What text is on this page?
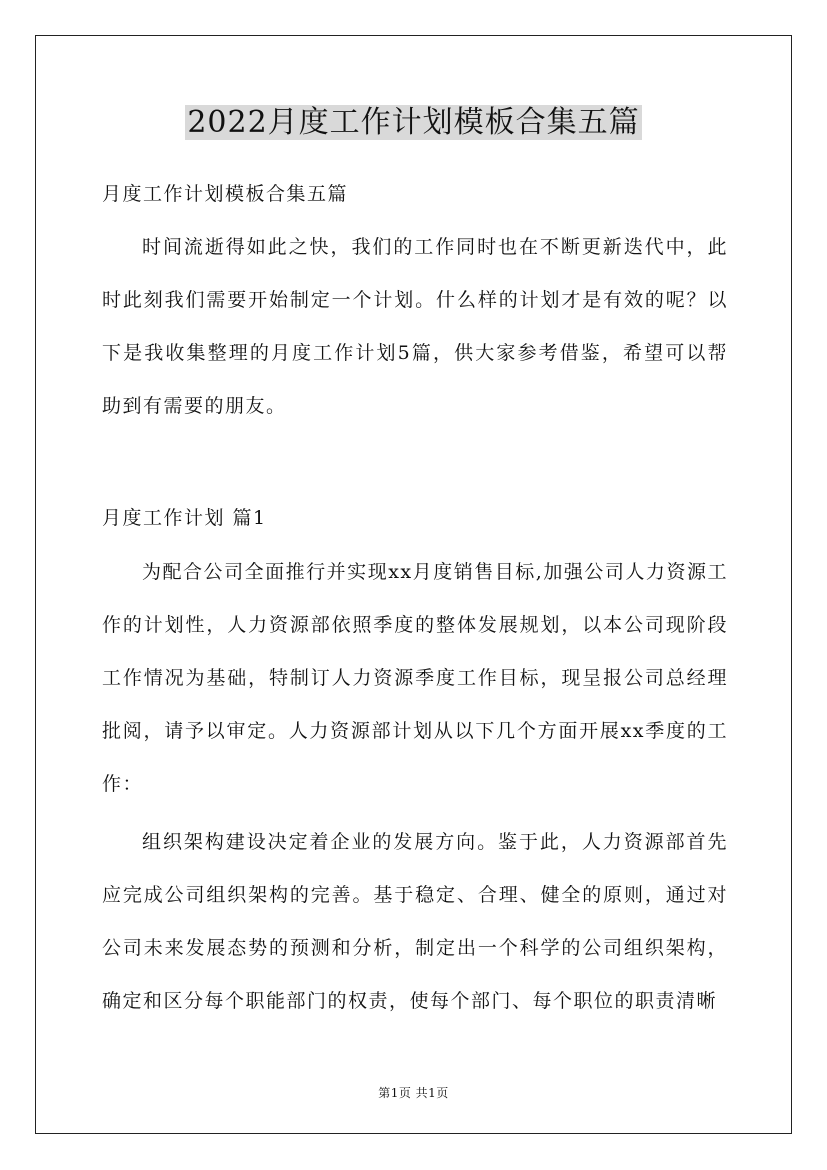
2022月度工作计划模板合集五篇

月度工作计划模板合集五篇

时间流逝得如此之快，我们的工作同时也在不断更新迭代中，此时此刻我们需要开始制定一个计划。什么样的计划才是有效的呢？以下是我收集整理的月度工作计划5篇，供大家参考借鉴，希望可以帮助到有需要的朋友。

月度工作计划 篇1

为配合公司全面推行并实现xx月度销售目标,加强公司人力资源工作的计划性，人力资源部依照季度的整体发展规划，以本公司现阶段工作情况为基础，特制订人力资源季度工作目标，现呈报公司总经理批阅，请予以审定。人力资源部计划从以下几个方面开展xx季度的工作：

组织架构建设决定着企业的发展方向。鉴于此，人力资源部首先应完成公司组织架构的完善。基于稳定、合理、健全的原则，通过对公司未来发展态势的预测和分析，制定出一个科学的公司组织架构，确定和区分每个职能部门的权责，使每个部门、每个职位的职责清晰

第1页 共1页
